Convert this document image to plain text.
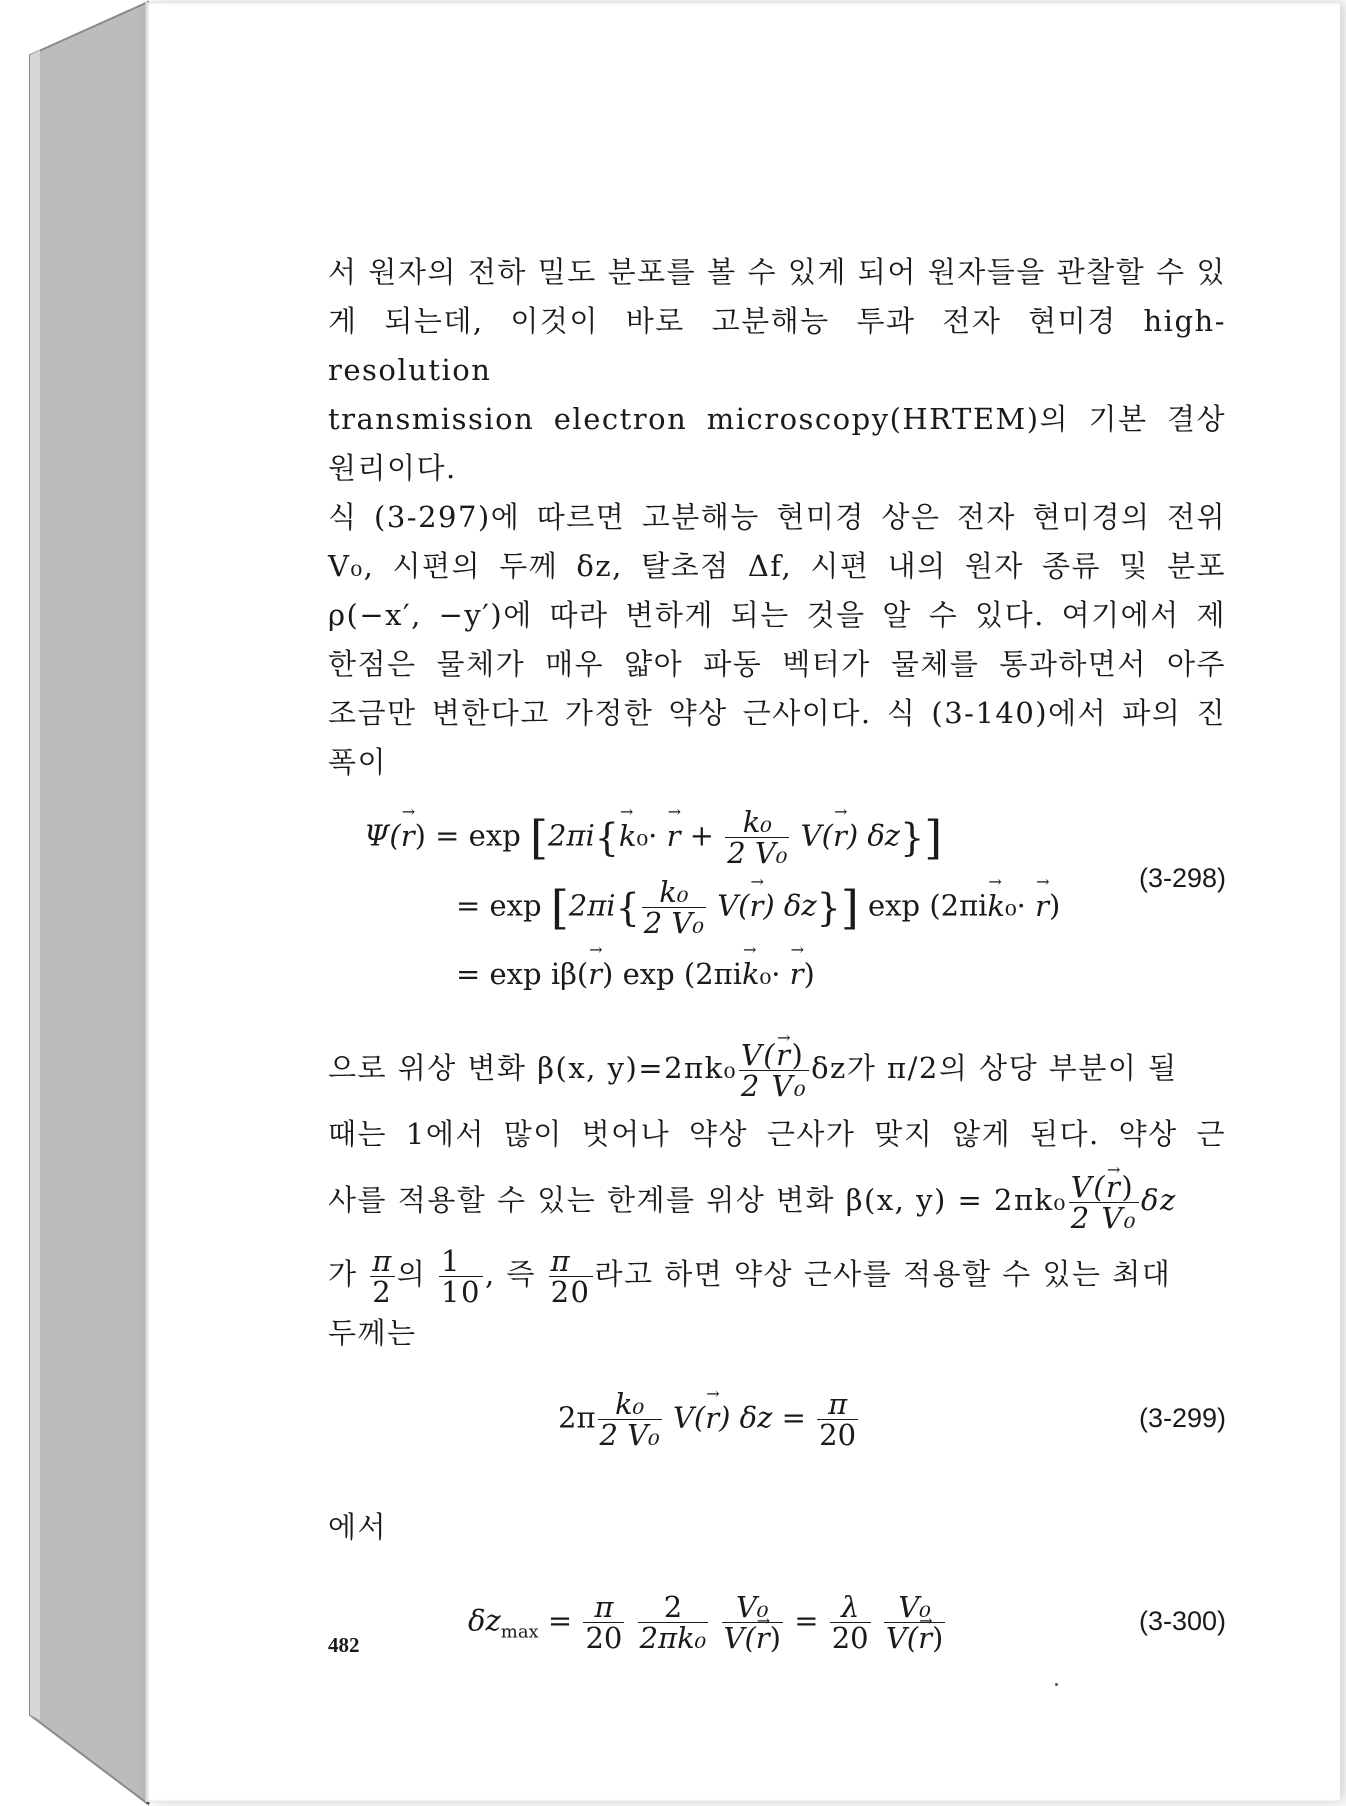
서 원자의 전하 밀도 분포를 볼 수 있게 되어 원자들을 관찰할 수 있
게 되는데, 이것이 바로 고분해능 투과 전자 현미경 high-resolution
transmission electron microscopy(HRTEM)의 기본 결상 원리이다.
식 (3-297)에 따르면 고분해능 현미경 상은 전자 현미경의 전위
V₀, 시편의 두께 δz, 탈초점 Δf, 시편 내의 원자 종류 및 분포
ρ(−x′, −y′)에 따라 변하게 되는 것을 알 수 있다. 여기에서 제
한점은 물체가 매우 얇아 파동 벡터가 물체를 통과하면서 아주
조금만 변한다고 가정한 약상 근사이다. 식 (3-140)에서 파의 진
폭이
Ψ(r →) = exp [2πi{k →₀· r → + $\frac{\text{k₀}}{\text{2 V₀}} V(r$ →) δz}]
= $\exp [2\pi i\{ \frac{\text{k₀}}{\text{2 V₀}} V(r$ →) δz}] exp (2πik →₀· r →)
(3-298)
= exp iβ(r →) exp (2πik →₀· r →)
으로 위상 변화 β(x, $y)=2\pi k_0 \frac{V(r \to)}{\text{2 V₀}}$ δz가 π/2의 상당 부분이 될
때는 1에서 많이 벗어나 약상 근사가 맞지 않게 된다. 약상 근
사를 적용할 수 있는 한계를 위상 변화 β(x, $y) = 2\pi k_0 \frac{V(r \to)}{\text{2 V₀}}$ δz
가 $\frac{\pi}{2}$ 의 $\frac{1}{10}$ , 즉 $\frac{\pi}{20}$ 라고 하면 약상 근사를 적용할 수 있는 최대
두께는
$2\pi \frac{\text{k₀}}{\text{2 V₀}} V(r$ →) $\delta z = \frac{\pi}{20}$	(3-299)
에서
$\delta z_{max} = \frac{\pi}{20}$
$\frac{2}{\text{2πk₀}}$
$\frac{\text{V₀}}{V(r \to)} = \frac{\lambda}{20}$
$\frac{\text{V₀}}{V(r \to)}$	(3-300)
482
